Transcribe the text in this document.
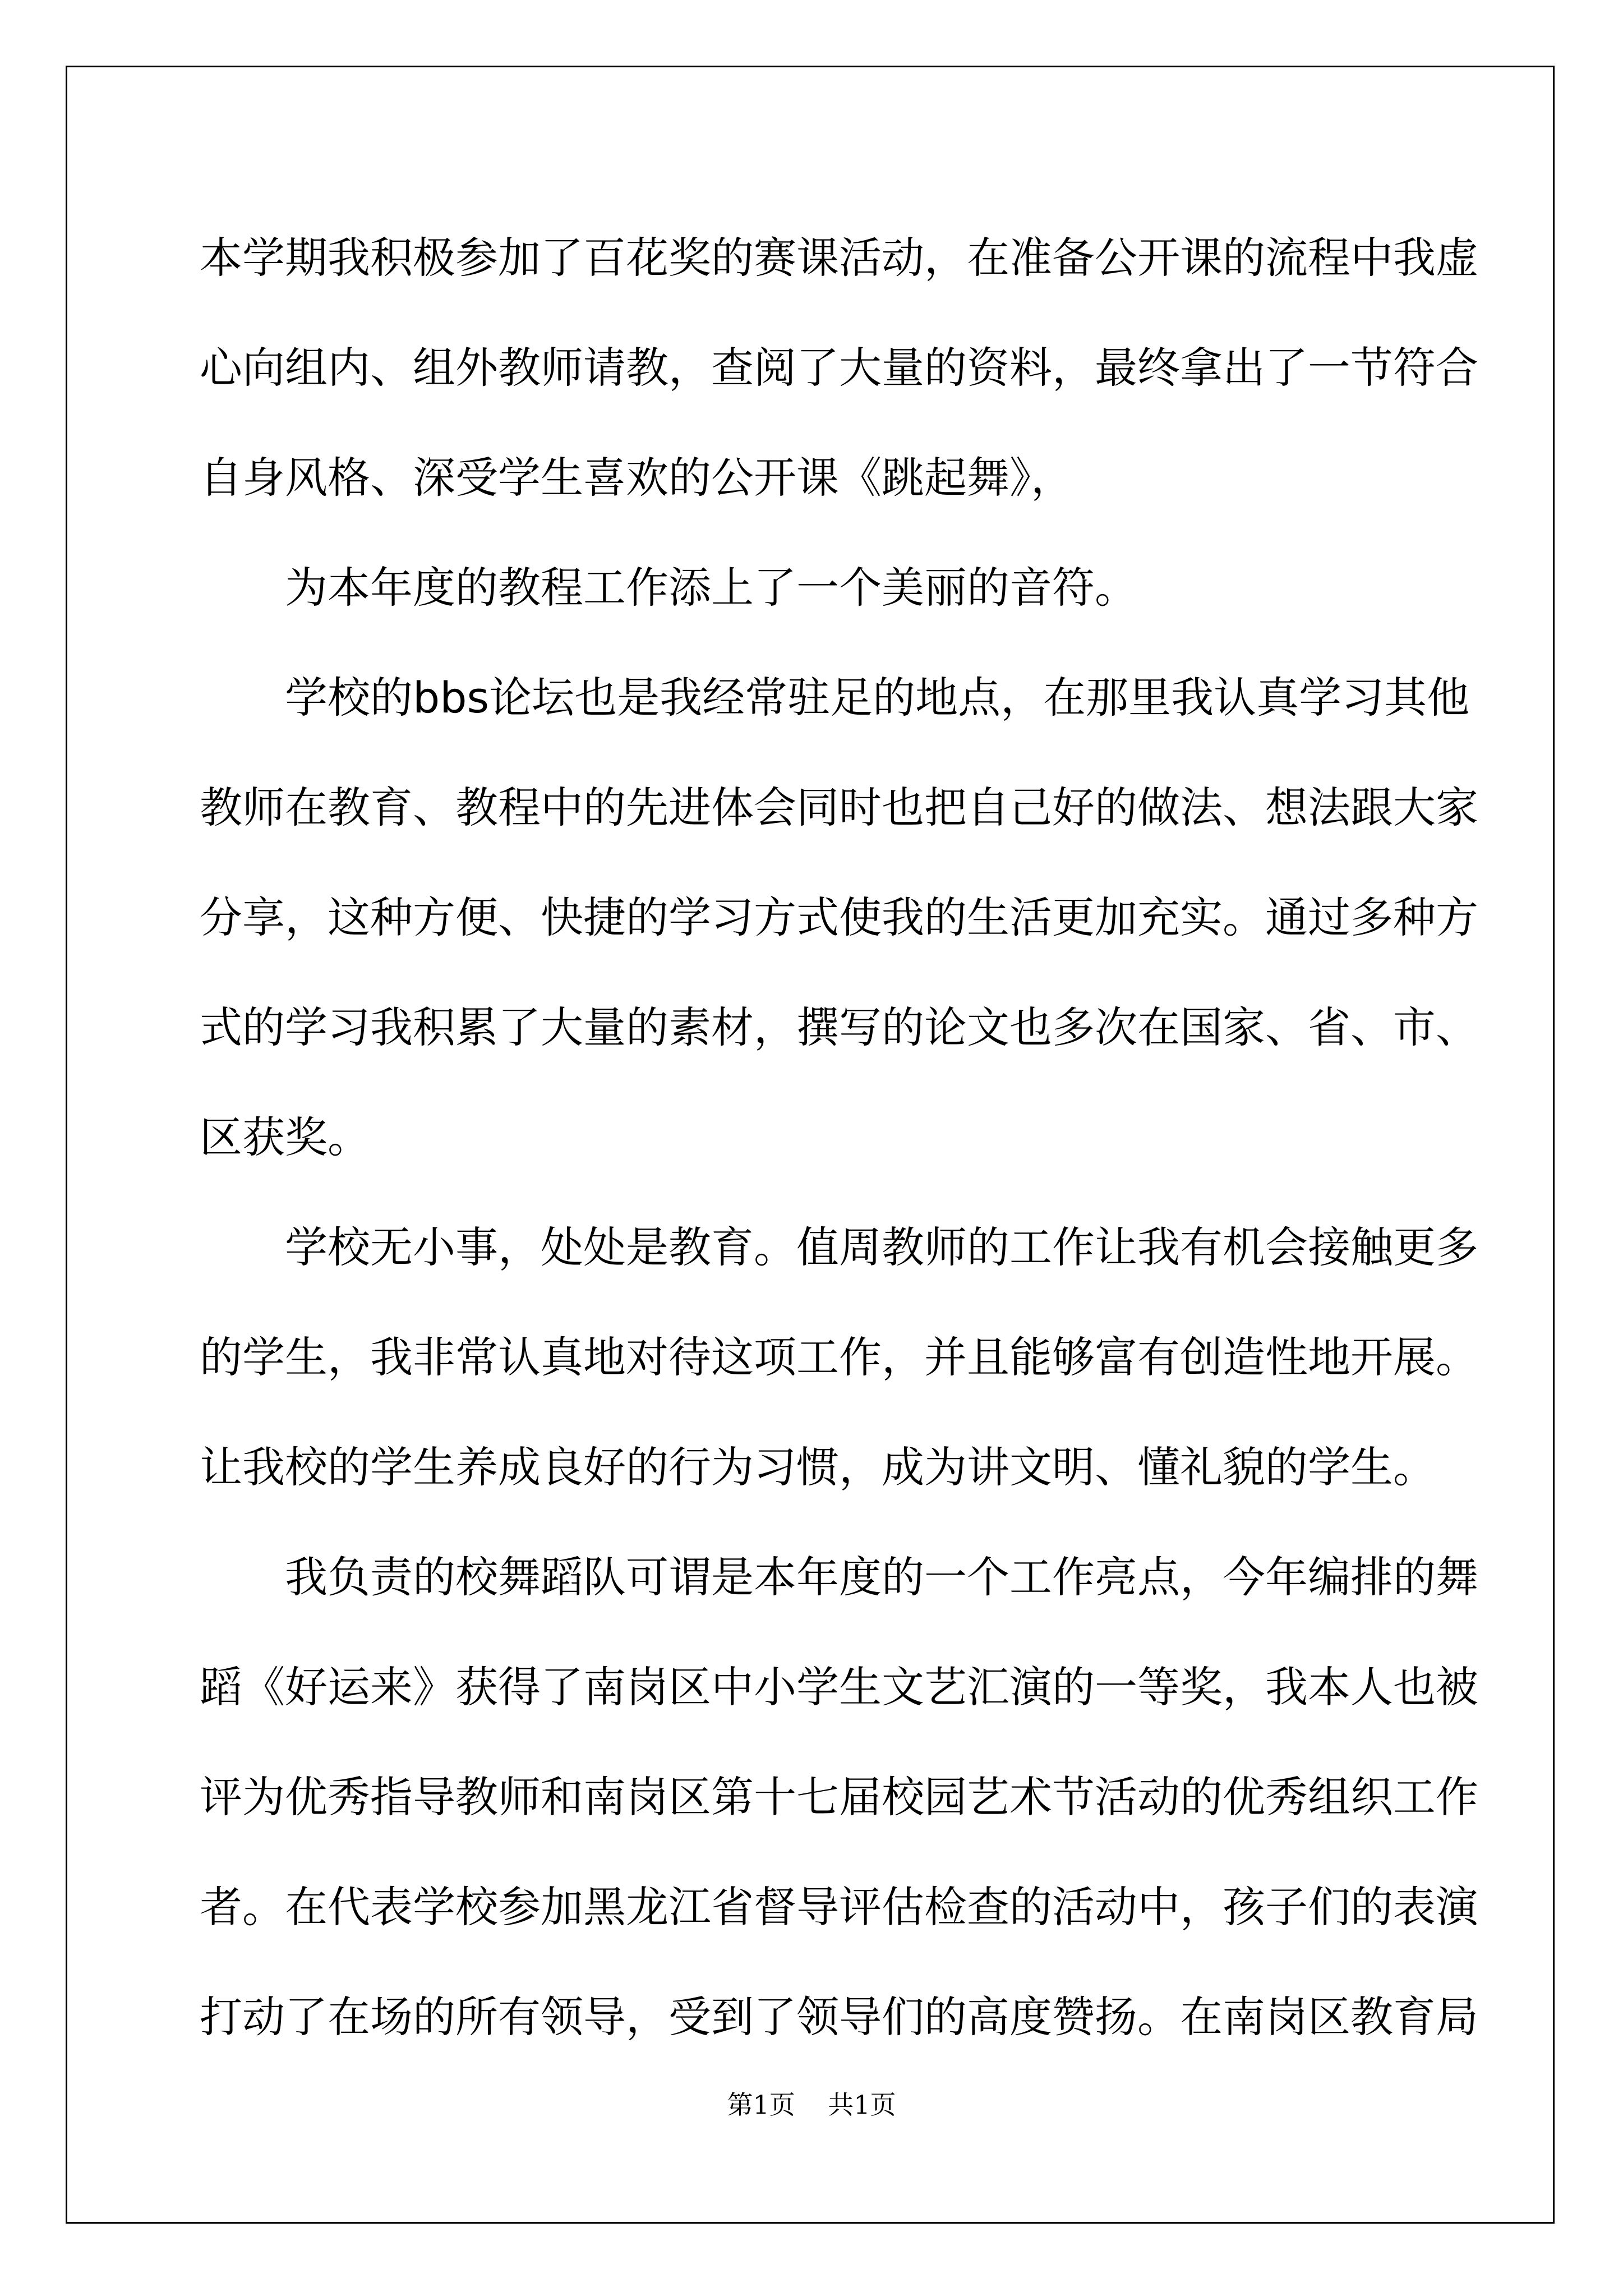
本学期我积极参加了百花奖的赛课活动，在准备公开课的流程中我虚
心向组内、组外教师请教，查阅了大量的资料，最终拿出了一节符合
自身风格、深受学生喜欢的公开课《跳起舞》，
为本年度的教程工作添上了一个美丽的音符。
学校的bbs论坛也是我经常驻足的地点，在那里我认真学习其他
教师在教育、教程中的先进体会同时也把自己好的做法、想法跟大家
分享，这种方便、快捷的学习方式使我的生活更加充实。通过多种方
式的学习我积累了大量的素材，撰写的论文也多次在国家、省、市、
区获奖。
学校无小事，处处是教育。值周教师的工作让我有机会接触更多
的学生，我非常认真地对待这项工作，并且能够富有创造性地开展。
让我校的学生养成良好的行为习惯，成为讲文明、懂礼貌的学生。
我负责的校舞蹈队可谓是本年度的一个工作亮点，今年编排的舞
蹈《好运来》获得了南岗区中小学生文艺汇演的一等奖，我本人也被
评为优秀指导教师和南岗区第十七届校园艺术节活动的优秀组织工作
者。在代表学校参加黑龙江省督导评估检查的活动中，孩子们的表演
打动了在场的所有领导，受到了领导们的高度赞扬。在南岗区教育局
第1页    共1页
